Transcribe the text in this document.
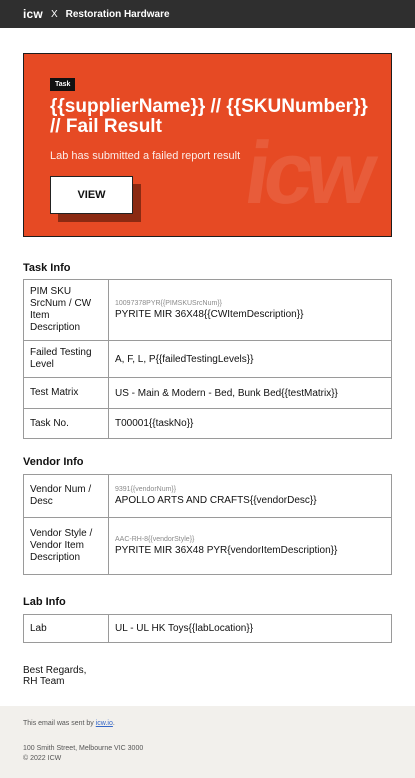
icw X Restoration Hardware
icw
Task
{{supplierName}} // {{SKUNumber}} // Fail Result
Lab has submitted a failed report result
VIEW
Task Info
PIM SKU SrcNum / CW Item Description	10097378PYR{{PIMSKUSrcNum}}
PYRITE MIR 36X48{{CWItemDescription}}
Failed Testing Level	A, F, L, P{{failedTestingLevels}}
Test Matrix	US - Main & Modern - Bed, Bunk Bed{{testMatrix}}
Task No.	T00001{{taskNo}}
Vendor Info
Vendor Num / Desc	9391{{vendorNum}}
APOLLO ARTS AND CRAFTS{{vendorDesc}}
Vendor Style / Vendor Item Description	AAC-RH-8{{vendorStyle}}
PYRITE MIR 36X48 PYR{vendorItemDescription}}
Lab Info
Lab	UL - UL HK Toys{{labLocation}}
Best Regards,
RH Team
This email was sent by icw.io.
100 Smith Street, Melbourne VIC 3000
© 2022 ICW
